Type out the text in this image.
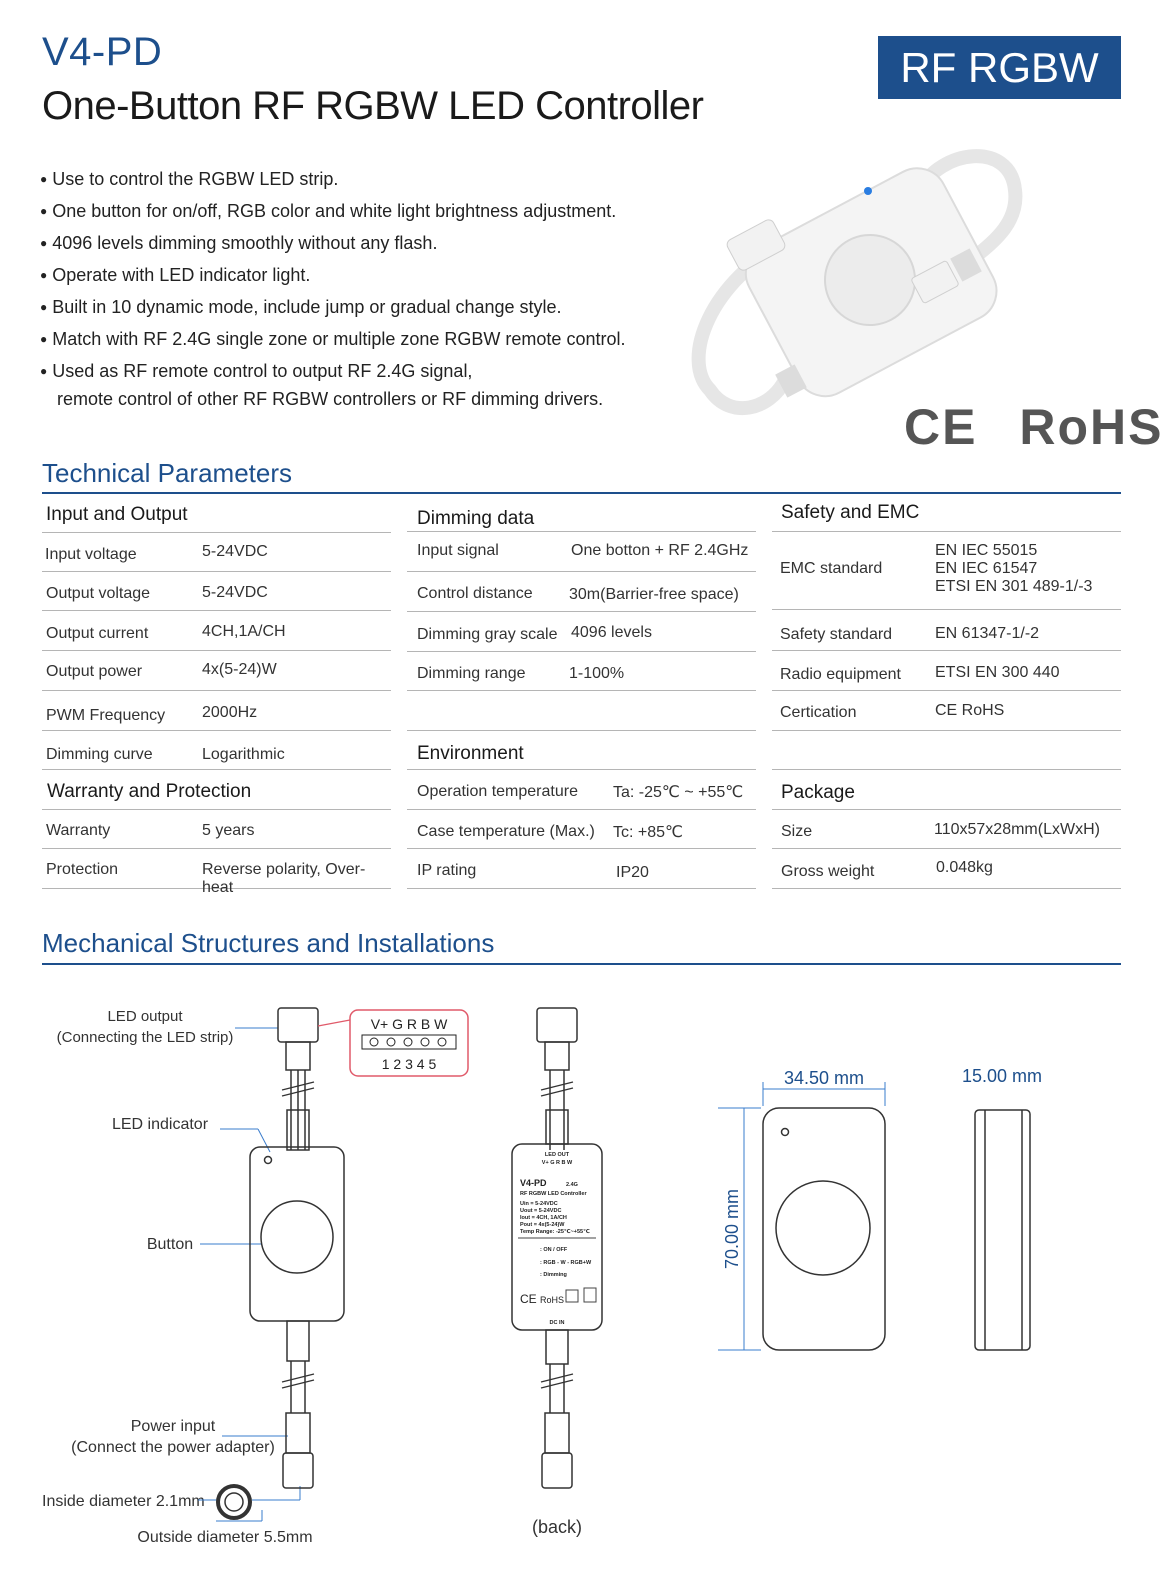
V4-PD
One-Button RF RGBW LED Controller
RF RGBW
● Use to control the RGBW LED strip.
● One button for on/off, RGB color and white light brightness adjustment.
● 4096 levels dimming smoothly without any flash.
● Operate with LED indicator light.
● Built in 10 dynamic mode, include jump or gradual change style.
● Match with RF 2.4G single zone or multiple zone RGBW remote control.
● Used as RF remote control to output RF 2.4G signal,
remote control of other RF RGBW controllers or RF dimming drivers.	CE RoHS
Technical Parameters
Input and Output
Input voltage	5-24VDC
Output voltage	5-24VDC
Output current	4CH,1A/CH
Output power	4x(5-24)W
PWM Frequency 2000Hz
Dimming curve	Logarithmic
Warranty and Protection
Warranty	5 years
Protection	Reverse polarity, Over-heat
Dimming data
Input signal	One botton + RF 2.4GHz
Control distance 30m(Barrier-free space)
Dimming gray scale 4096 levels
Dimming range	1-100%
Environment
Operation temperature Ta: -25℃ ~ +55℃
Case temperature (Max.) Tc: +85℃
IP rating	IP20
Safety and EMC
EMC standard
EN IEC 55015
EN IEC 61547
ETSI EN 301 489-1/-3
Safety standard	EN 61347-1/-2
Radio equipment ETSI EN 300 440
Certication	CE RoHS
Package
Size	110x57x28mm(LxWxH)
Gross weight	0.048kg
Mechanical Structures and Installations
LED output
(Connecting the LED strip)
LED indicator
Button
Power input
(Connect the power adapter)
Inside diameter 2.1mm
Outside diameter 5.5mm
(back)
V+ G R B W
1 2 3 4 5
LED OUT
V+ G R B W
V4-PD	2.4G
RF RGBW LED Controller
Uin = 5-24VDC
Uout = 5-24VDC
Iout = 4CH, 1A/CH
Pout = 4x(5-24)W
Temp Range: -25℃~+55℃
: ON / OFF
: RGB - W - RGB+W
: Dimming
CE RoHS
DC IN
34.50 mm
70.00 mm
15.00 mm
